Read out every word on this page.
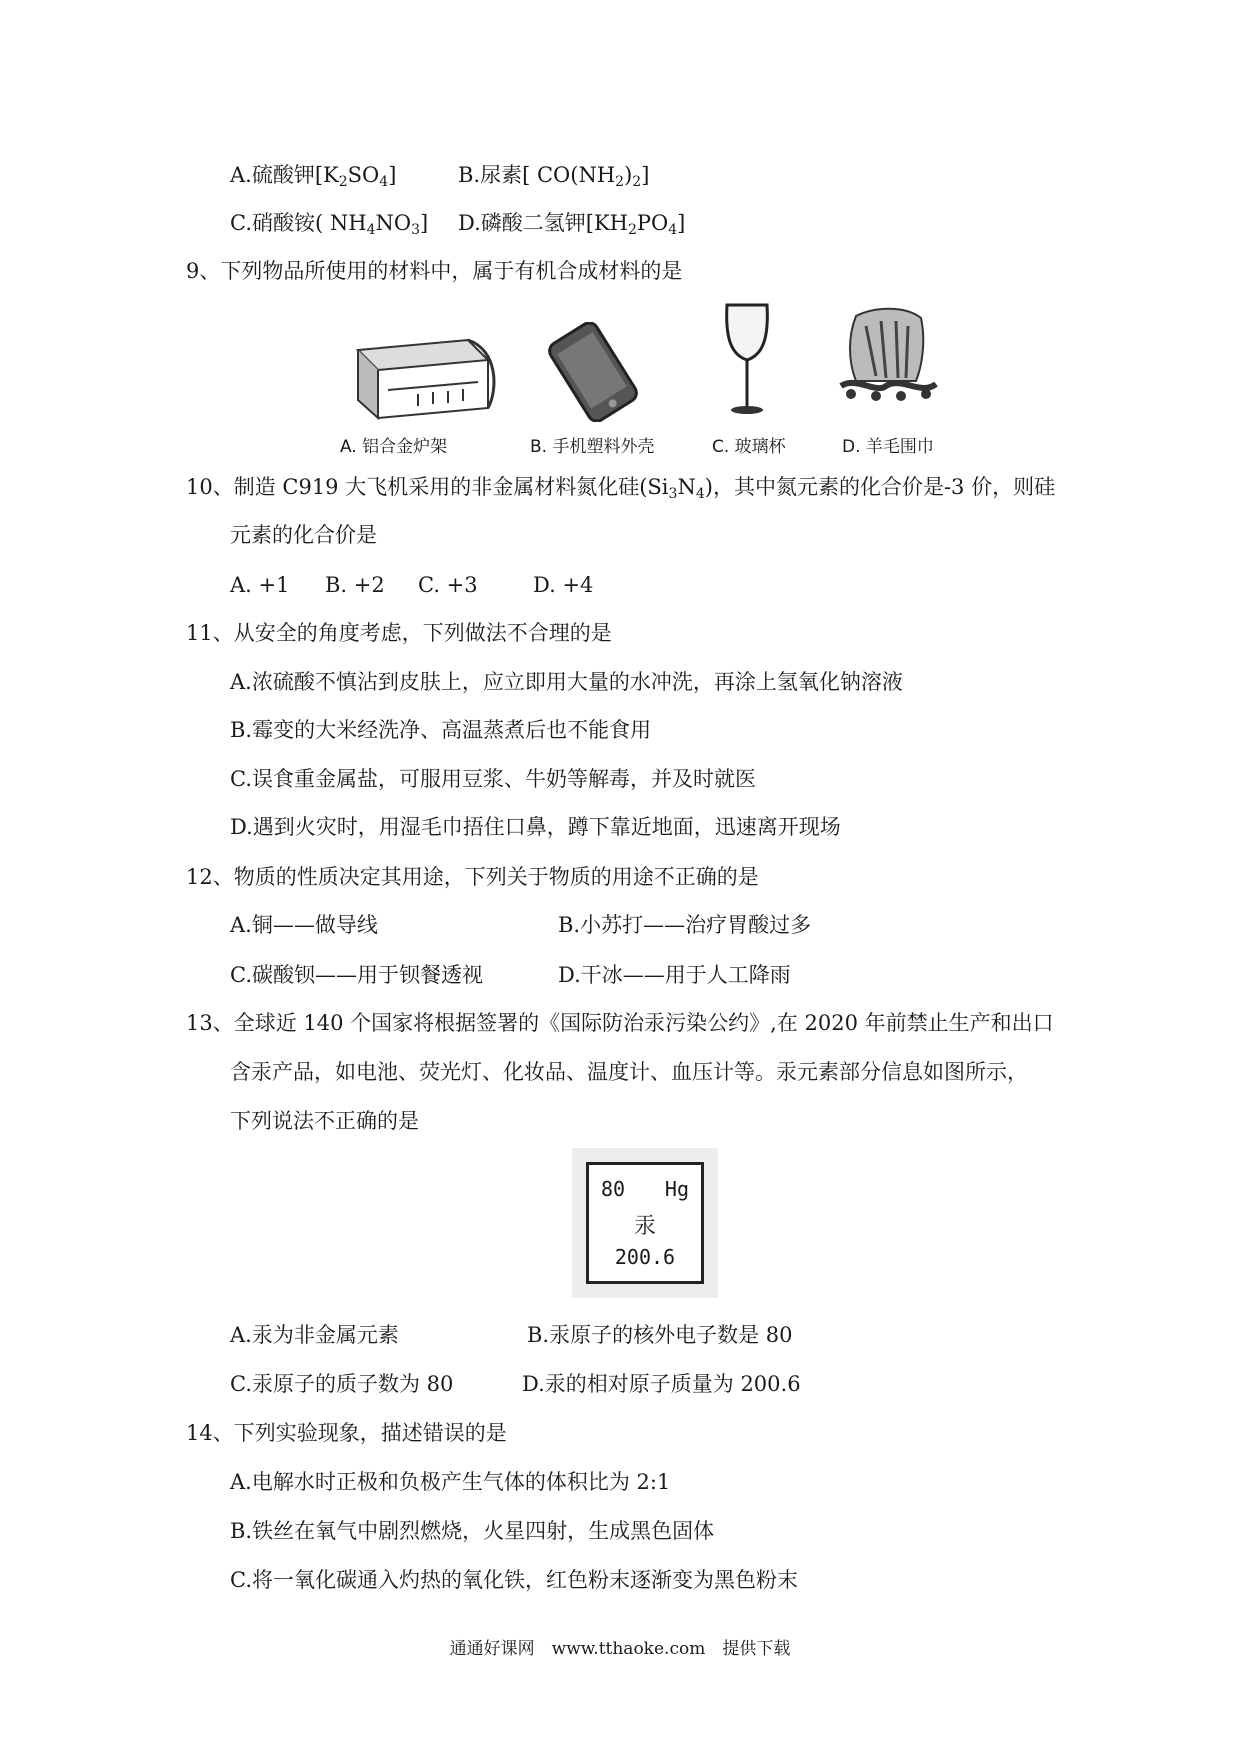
A.硫酸钾$[K_2SO_4]$	B.尿素[ $CO(NH_2)_2$]
C.硝酸铵( $NH_4NO_3$] D.磷酸二氢钾$[KH_2PO_4]$
9、下列物品所使用的材料中，属于有机合成材料的是
A. 铝合金炉架	B. 手机塑料外壳	C. 玻璃杯	D. 羊毛围巾
10、制造 C919 大飞机采用的非金属材料氮化硅$(Si_3N_4)$，其中氮元素的化合价是-3 价，则硅
元素的化合价是
A. +1 B. +2 C. +3	D. +4
11、从安全的角度考虑，下列做法不合理的是
A.浓硫酸不慎沾到皮肤上，应立即用大量的水冲洗，再涂上氢氧化钠溶液
B.霉变的大米经洗净、高温蒸煮后也不能食用
C.误食重金属盐，可服用豆浆、牛奶等解毒，并及时就医
D.遇到火灾时，用湿毛巾捂住口鼻，蹲下靠近地面，迅速离开现场
12、物质的性质决定其用途，下列关于物质的用途不正确的是
A.铜——做导线	B.小苏打——治疗胃酸过多
C.碳酸钡——用于钡餐透视	D.干冰——用于人工降雨
13、全球近 140 个国家将根据签署的《国际防治汞污染公约》,在 2020 年前禁止生产和出口
含汞产品，如电池、荧光灯、化妆品、温度计、血压计等。汞元素部分信息如图所示，
下列说法不正确的是
80 Hg
汞
200.6
A.汞为非金属元素	B.汞原子的核外电子数是 80
C.汞原子的质子数为 80	D.汞的相对原子质量为 200.6
14、下列实验现象，描述错误的是
A.电解水时正极和负极产生气体的体积比为 2:1
B.铁丝在氧气中剧烈燃烧，火星四射，生成黑色固体
C.将一氧化碳通入灼热的氧化铁，红色粉末逐渐变为黑色粉末
通通好课网　www.tthaoke.com　提供下载
